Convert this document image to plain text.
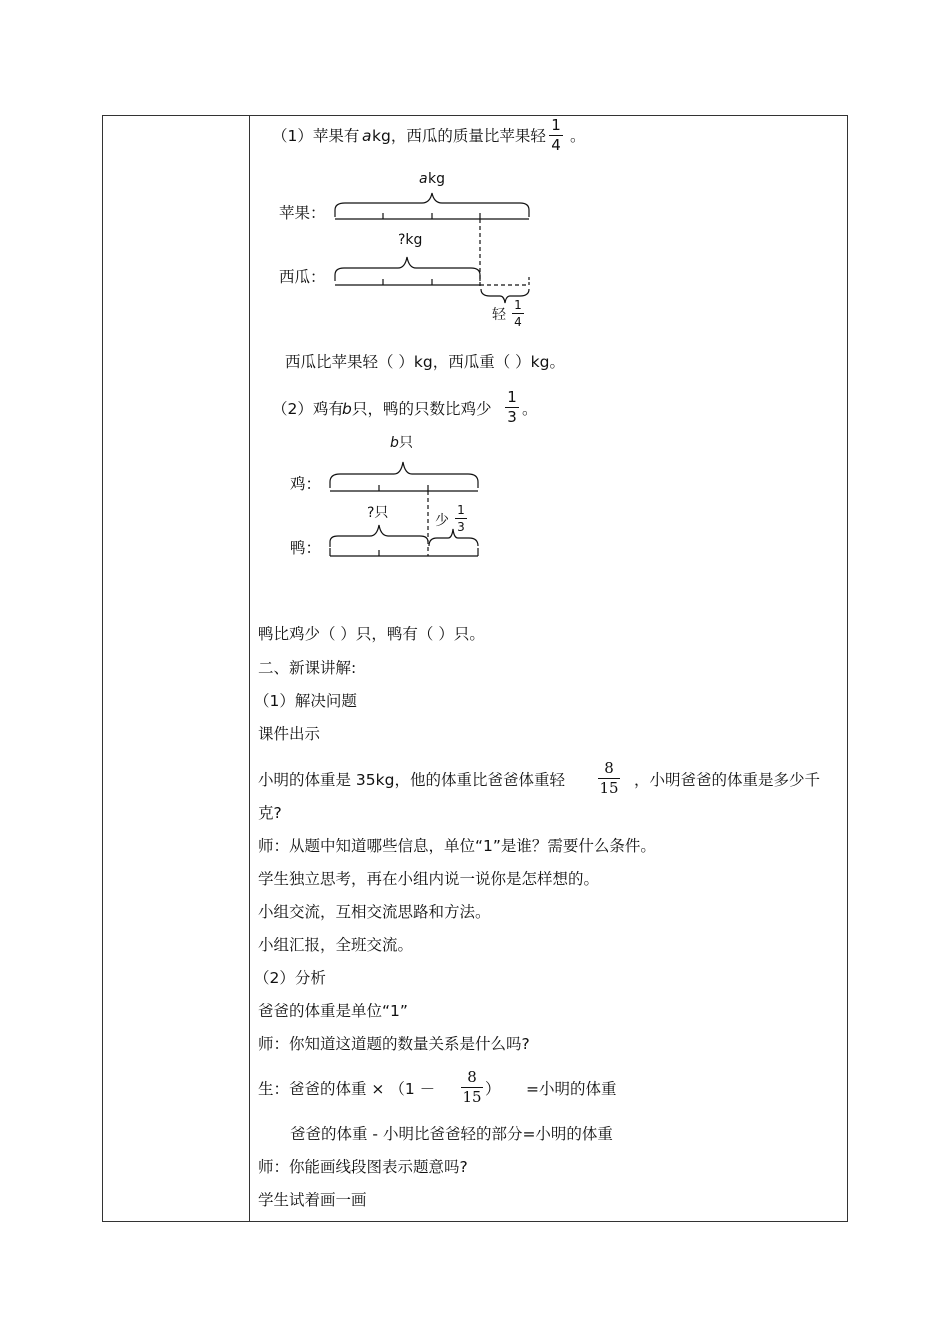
（1）苹果有 a kg，西瓜的质量比苹果轻
1
4 。
a kg
苹果：
?kg
西瓜：
轻
1
4
西瓜比苹果轻（ ）kg，西瓜重（ ）kg。
（2）鸡有
b 只，鸭的只数比鸡少
1
3 。
b 只
鸡：
?只	少
1
3
鸭：
鸭比鸡少（ ）只，鸭有（ ）只。
二、新课讲解:
（1）解决问题
课件出示
小明的体重是 35kg，他的体重比爸爸体重轻
8
15 ，小明爸爸的体重是多少千
克?
师：从题中知道哪些信息，单位“1”是谁？需要什么条件。
学生独立思考，再在小组内说一说你是怎样想的。
小组交流，互相交流思路和方法。
小组汇报，全班交流。
（2）分析
爸爸的体重是单位“1”
师：你知道这道题的数量关系是什么吗?
生：爸爸的体重 × （1 －
8
15 ） =小明的体重
爸爸的体重 - 小明比爸爸轻的部分=小明的体重
师：你能画线段图表示题意吗?
学生试着画一画
